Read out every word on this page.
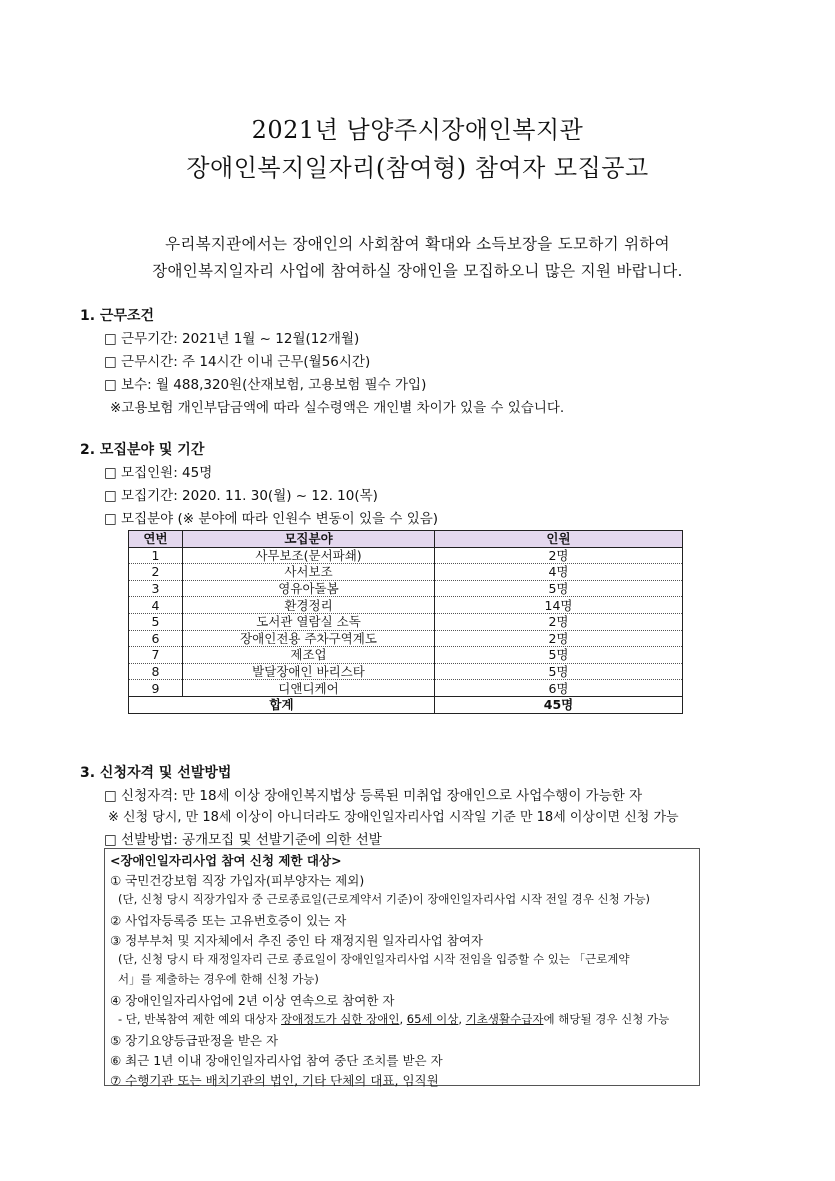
2021년 남양주시장애인복지관
장애인복지일자리(참여형) 참여자 모집공고
우리복지관에서는 장애인의 사회참여 확대와 소득보장을 도모하기 위하여
장애인복지일자리 사업에 참여하실 장애인을 모집하오니 많은 지원 바랍니다.
1. 근무조건
□ 근무기간: 2021년 1월 ~ 12월(12개월)
□ 근무시간: 주 14시간 이내 근무(월56시간)
□ 보수: 월 488,320원(산재보험, 고용보험 필수 가입)
※고용보험 개인부담금액에 따라 실수령액은 개인별 차이가 있을 수 있습니다.
2. 모집분야 및 기간
□ 모집인원: 45명
□ 모집기간: 2020. 11. 30(월) ~ 12. 10(목)
□ 모집분야 (※ 분야에 따라 인원수 변동이 있을 수 있음)
연번	모집분야	인원
1	사무보조(문서파쇄)	2명
2	사서보조	4명
3	영유아돌봄	5명
4	환경정리	14명
5	도서관 열람실 소독	2명
6	장애인전용 주차구역계도	2명
7	제조업	5명
8	발달장애인 바리스타	5명
9	디앤디케어	6명
합계		45명
3. 신청자격 및 선발방법
□ 신청자격: 만 18세 이상 장애인복지법상 등록된 미취업 장애인으로 사업수행이 가능한 자
※ 신청 당시, 만 18세 이상이 아니더라도 장애인일자리사업 시작일 기준 만 18세 이상이면 신청 가능
□ 선발방법: 공개모집 및 선발기준에 의한 선발
<장애인일자리사업 참여 신청 제한 대상>
① 국민건강보험 직장 가입자(피부양자는 제외)
(단, 신청 당시 직장가입자 중 근로종료일(근로계약서 기준)이 장애인일자리사업 시작 전일 경우 신청 가능)
② 사업자등록증 또는 고유번호증이 있는 자
③ 정부부처 및 지자체에서 추진 중인 타 재정지원 일자리사업 참여자
(단, 신청 당시 타 재정일자리 근로 종료일이 장애인일자리사업 시작 전임을 입증할 수 있는 「근로계약
서」를 제출하는 경우에 한해 신청 가능)
④ 장애인일자리사업에 2년 이상 연속으로 참여한 자
- 단, 반복참여 제한 예외 대상자 장애정도가 심한 장애인, 65세 이상, 기초생활수급자에 해당될 경우 신청 가능
⑤ 장기요양등급판정을 받은 자
⑥ 최근 1년 이내 장애인일자리사업 참여 중단 조치를 받은 자
⑦ 수행기관 또는 배치기관의 법인, 기타 단체의 대표, 임직원
